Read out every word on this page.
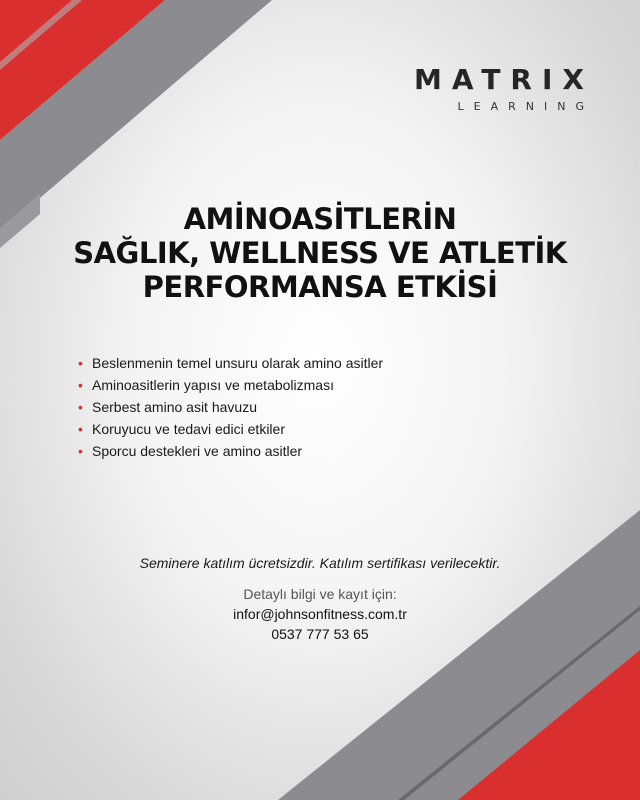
MATRIX
LEARNING
AMİNOASİTLERİN
SAĞLIK, WELLNESS VE ATLETİK
PERFORMANSA ETKİSİ
• Beslenmenin temel unsuru olarak amino asitler
• Aminoasitlerin yapısı ve metabolizması
• Serbest amino asit havuzu
• Koruyucu ve tedavi edici etkiler
• Sporcu destekleri ve amino asitler
Seminere katılım ücretsizdir. Katılım sertifikası verilecektir.
Detaylı bilgi ve kayıt için:
infor@johnsonfitness.com.tr
0537 777 53 65
